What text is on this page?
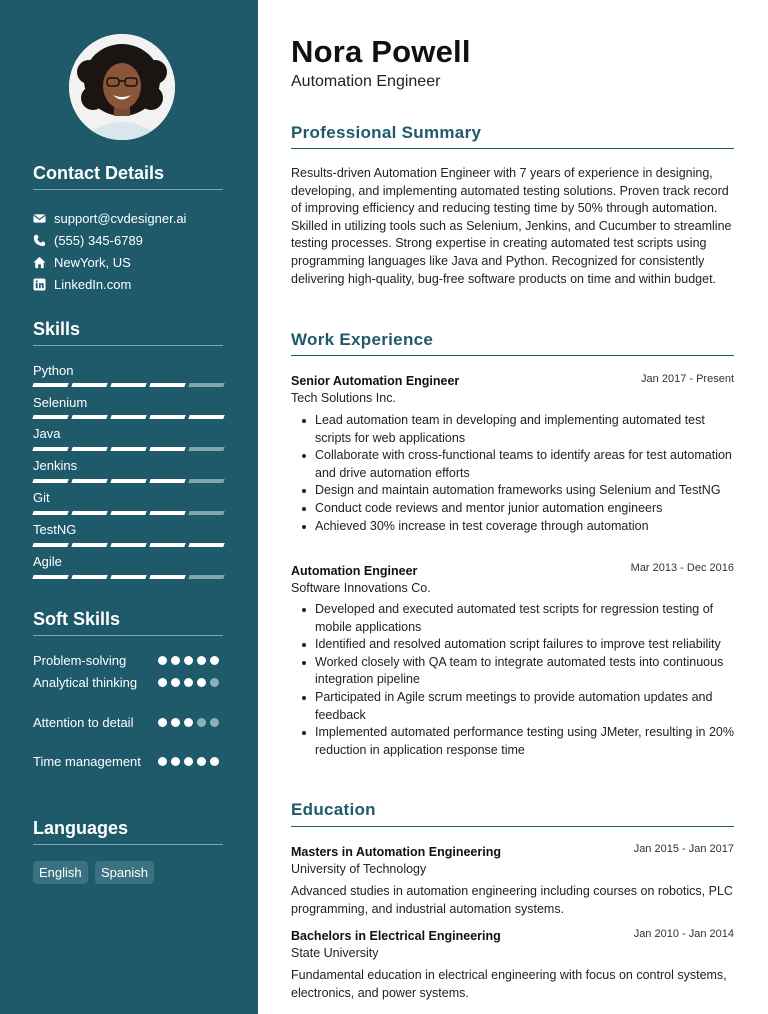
Contact Details
support@cvdesigner.ai
(555) 345-6789
NewYork, US
LinkedIn.com
Skills
Python
Selenium
Java
Jenkins
Git
TestNG
Agile
Soft Skills
Problem-solving
Analytical thinking
Attention to detail
Time management
Languages
English	Spanish
Nora Powell
Automation Engineer
Professional Summary
Results-driven Automation Engineer with 7 years of experience in designing, developing, and implementing automated testing solutions. Proven track record of improving efficiency and reducing testing time by 50% through automation. Skilled in utilizing tools such as Selenium, Jenkins, and Cucumber to streamline testing processes. Strong expertise in creating automated test scripts using programming languages like Java and Python. Recognized for consistently delivering high-quality, bug-free software products on time and within budget.
Work Experience
Senior Automation Engineer	Jan 2017 - Present
Tech Solutions Inc.
Lead automation team in developing and implementing automated test scripts for web applications
Collaborate with cross-functional teams to identify areas for test automation and drive automation efforts
Design and maintain automation frameworks using Selenium and TestNG
Conduct code reviews and mentor junior automation engineers
Achieved 30% increase in test coverage through automation
Automation Engineer	Mar 2013 - Dec 2016
Software Innovations Co.
Developed and executed automated test scripts for regression testing of mobile applications
Identified and resolved automation script failures to improve test reliability
Worked closely with QA team to integrate automated tests into continuous integration pipeline
Participated in Agile scrum meetings to provide automation updates and feedback
Implemented automated performance testing using JMeter, resulting in 20% reduction in application response time
Education
Masters in Automation Engineering	Jan 2015 - Jan 2017
University of Technology
Advanced studies in automation engineering including courses on robotics, PLC programming, and industrial automation systems.
Bachelors in Electrical Engineering	Jan 2010 - Jan 2014
State University
Fundamental education in electrical engineering with focus on control systems, electronics, and power systems.
